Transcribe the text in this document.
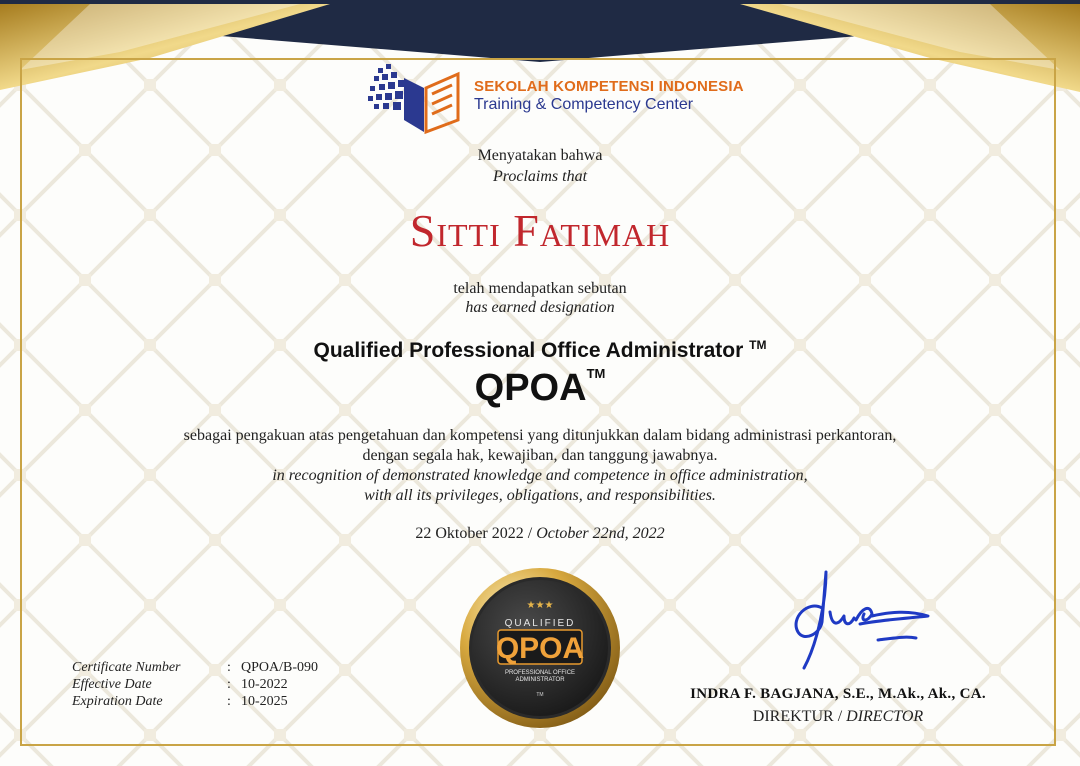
SEKOLAH KOMPETENSI INDONESIA
Training & Competency Center
Menyatakan bahwa
Proclaims that
Sitti Fatimah
telah mendapatkan sebutan
has earned designation
Qualified Professional Office Administrator ™
QPOA™
sebagai pengakuan atas pengetahuan dan kompetensi yang ditunjukkan dalam bidang administrasi perkantoran,
dengan segala hak, kewajiban, dan tanggung jawabnya.
in recognition of demonstrated knowledge and competence in office administration,
with all its privileges, obligations, and responsibilities.
22 Oktober 2022 / October 22nd, 2022
Certificate Number	: QPOA/B-090
Effective Date	: 10-2022
Expiration Date	: 10-2025
★★★
QUALIFIED
QPOA
PROFESSIONAL OFFICE
ADMINISTRATOR
TM	INDRA F. BAGJANA, S.E., M.Ak., Ak., CA.
DIREKTUR / DIRECTOR
